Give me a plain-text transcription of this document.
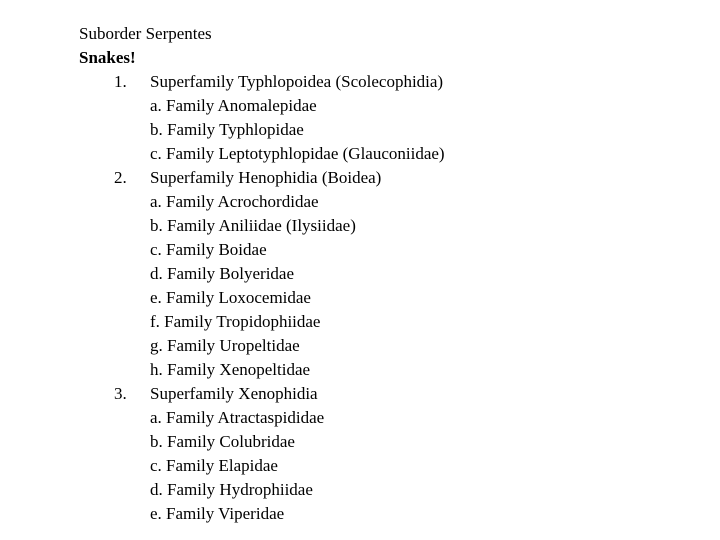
Suborder Serpentes
Snakes!
1.	Superfamily Typhlopoidea (Scolecophidia)
a. Family Anomalepidae
b. Family Typhlopidae
c. Family Leptotyphlopidae (Glauconiidae)
2.	Superfamily Henophidia (Boidea)
a. Family Acrochordidae
b. Family Aniliidae (Ilysiidae)
c. Family Boidae
d. Family Bolyeridae
e. Family Loxocemidae
f. Family Tropidophiidae
g. Family Uropeltidae
h. Family Xenopeltidae
3.	Superfamily Xenophidia
a. Family Atractaspididae
b. Family Colubridae
c. Family Elapidae
d. Family Hydrophiidae
e. Family Viperidae
